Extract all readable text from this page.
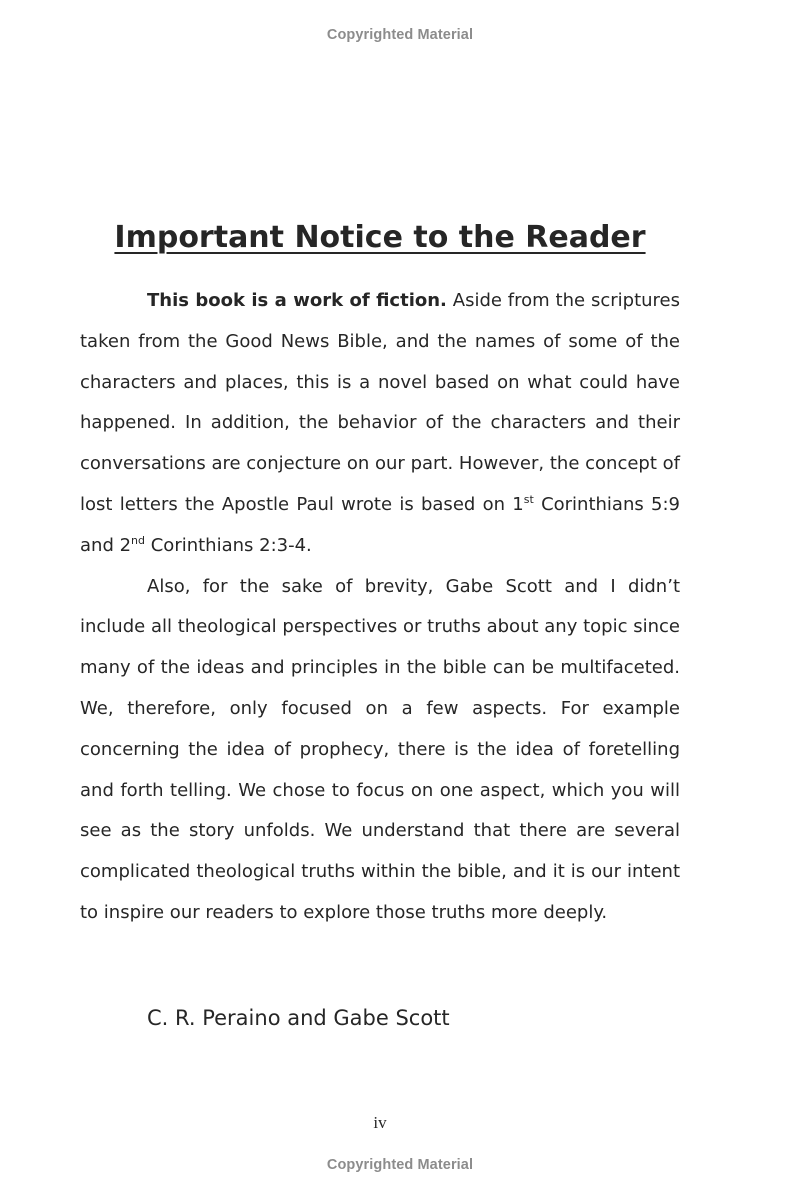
Copyrighted Material
Important Notice to the Reader

This book is a work of fiction. Aside from the scriptures taken from the Good News Bible, and the names of some of the characters and places, this is a novel based on what could have happened. In addition, the behavior of the characters and their conversations are conjecture on our part. However, the concept of lost letters the Apostle Paul wrote is based on 1st Corinthians 5:9 and 2nd Corinthians 2:3-4.

Also, for the sake of brevity, Gabe Scott and I didn’t include all theological perspectives or truths about any topic since many of the ideas and principles in the bible can be multifaceted. We, therefore, only focused on a few aspects. For example concerning the idea of prophecy, there is the idea of foretelling and forth telling. We chose to focus on one aspect, which you will see as the story unfolds. We understand that there are several complicated theological truths within the bible, and it is our intent to inspire our readers to explore those truths more deeply.

C. R. Peraino and Gabe Scott

iv
Copyrighted Material
